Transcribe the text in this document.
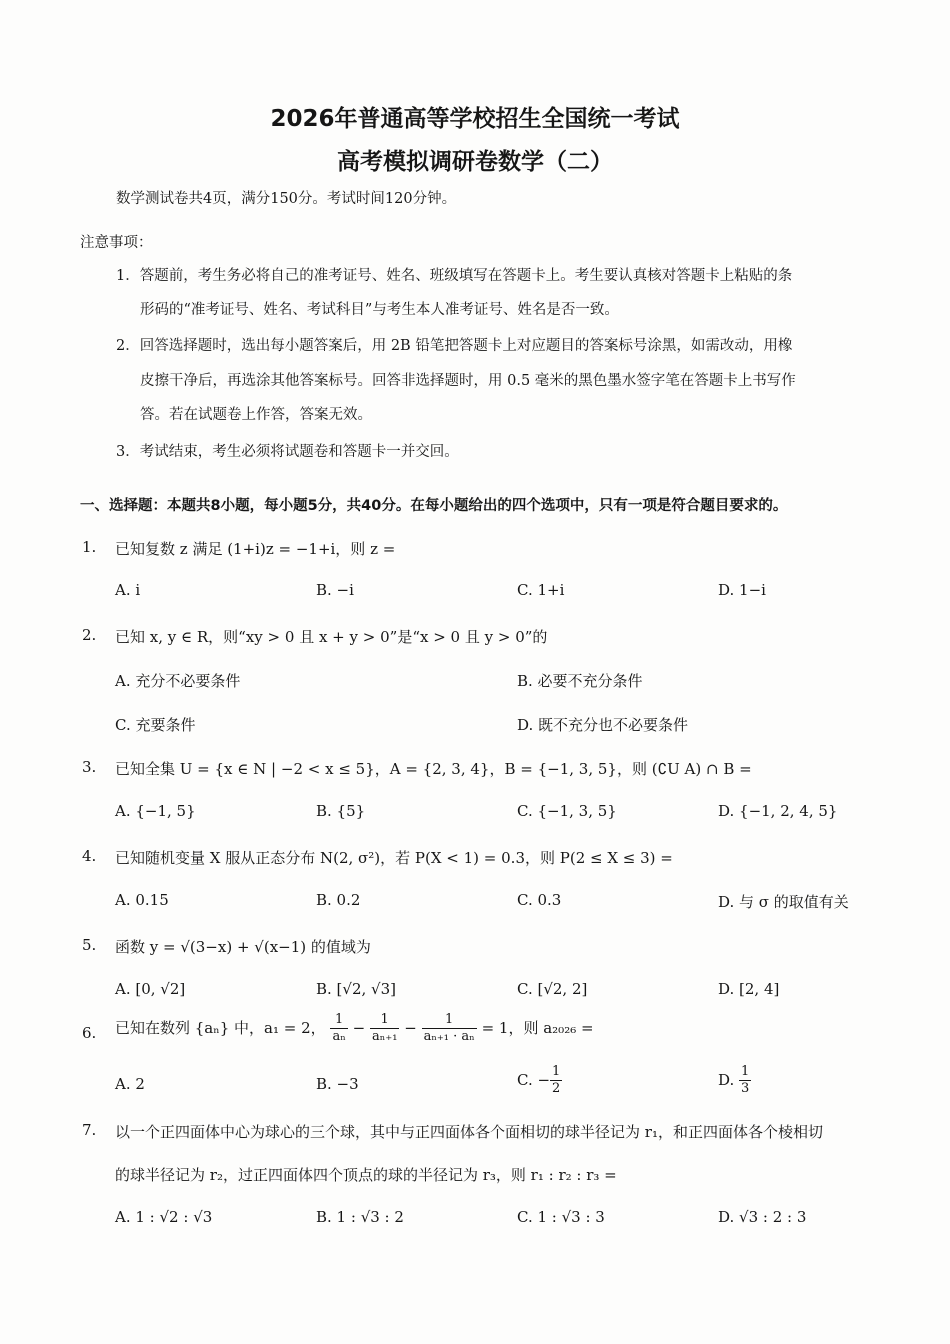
2026年普通高等学校招生全国统一考试
高考模拟调研卷数学（二）
数学测试卷共4页，满分150分。考试时间120分钟。
注意事项：
1．答题前，考生务必将自己的准考证号、姓名、班级填写在答题卡上。考生要认真核对答题卡上粘贴的条
形码的“准考证号、姓名、考试科目”与考生本人准考证号、姓名是否一致。
2．回答选择题时，选出每小题答案后，用 2B 铅笔把答题卡上对应题目的答案标号涂黑，如需改动，用橡
皮擦干净后，再选涂其他答案标号。回答非选择题时，用 0.5 毫米的黑色墨水签字笔在答题卡上书写作
答。若在试题卷上作答，答案无效。
3．考试结束，考生必须将试题卷和答题卡一并交回。
一、选择题：本题共8小题，每小题5分，共40分。在每小题给出的四个选项中，只有一项是符合题目要求的。
1. 已知复数 z 满足 (1+i)z = −1+i，则 z =
A. i	B. −i	C. 1+i	D. 1−i
2. 已知 x, y ∈ R，则“xy > 0 且 x + y > 0”是“x > 0 且 y > 0”的
A. 充分不必要条件	B. 必要不充分条件
C. 充要条件	D. 既不充分也不必要条件
3. 已知全集 U = {x ∈ N | −2 < x ≤ 5}，A = {2, 3, 4}，B = {−1, 3, 5}，则 (∁U A) ∩ B =
A. {−1, 5}	B. {5}	C. {−1, 3, 5}	D. {−1, 2, 4, 5}
4. 已知随机变量 X 服从正态分布 N(2, σ²)，若 P(X < 1) = 0.3，则 P(2 ≤ X ≤ 3) =
A. 0.15	B. 0.2	C. 0.3	D. 与 σ 的取值有关
5. 函数 y = √(3−x) + √(x−1) 的值域为
A. [0, √2]	B. [√2, √3]	C. [√2, 2]	D. [2, 4]
6. 已知在数列 {aₙ} 中，a₁ = 2， $\frac{1}{\text{aₙ}} - \frac{1}{\text{aₙ₊₁}} - \frac{1}{\text{aₙ₊₁ · aₙ}} = 1$，则 a₂₀₂₆ =
A. 2	B. −3	C. − $\frac{1}{2}$	D. $\frac{1}{3}$
7. 以一个正四面体中心为球心的三个球，其中与正四面体各个面相切的球半径记为 r₁，和正四面体各个棱相切
的球半径记为 r₂，过正四面体四个顶点的球的半径记为 r₃，则 r₁ : r₂ : r₃ =
A. 1 : √2 : √3	B. 1 : √3 : 2	C. 1 : √3 : 3	D. √3 : 2 : 3
